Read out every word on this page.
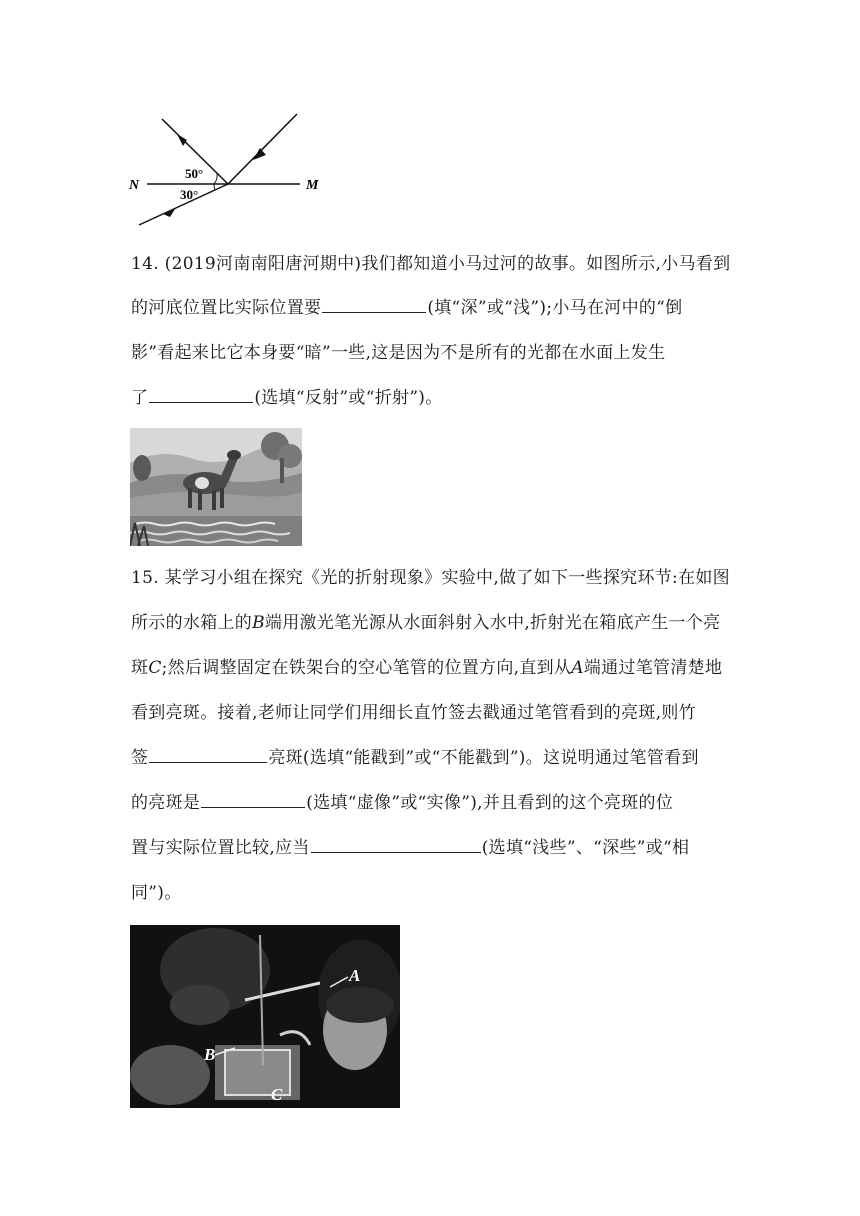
50°
30°
N	M
14. (2019河南南阳唐河期中)我们都知道小马过河的故事。如图所示,小马看到
的河底位置比实际位置要	(填“深”或“浅”);小马在河中的“倒
影”看起来比它本身要“暗”一些,这是因为不是所有的光都在水面上发生
了	(选填“反射”或“折射”)。
15. 某学习小组在探究《光的折射现象》实验中,做了如下一些探究环节:在如图
所示的水箱上的B端用激光笔光源从水面斜射入水中,折射光在箱底产生一个亮
斑C;然后调整固定在铁架台的空心笔管的位置方向,直到从A端通过笔管清楚地
看到亮斑。接着,老师让同学们用细长直竹签去戳通过笔管看到的亮斑,则竹
签	亮斑(选填“能戳到”或“不能戳到”)。这说明通过笔管看到
的亮斑是	(选填“虚像”或“实像”),并且看到的这个亮斑的位
置与实际位置比较,应当	(选填“浅些”、“深些”或“相
同”)。
A
B
C
